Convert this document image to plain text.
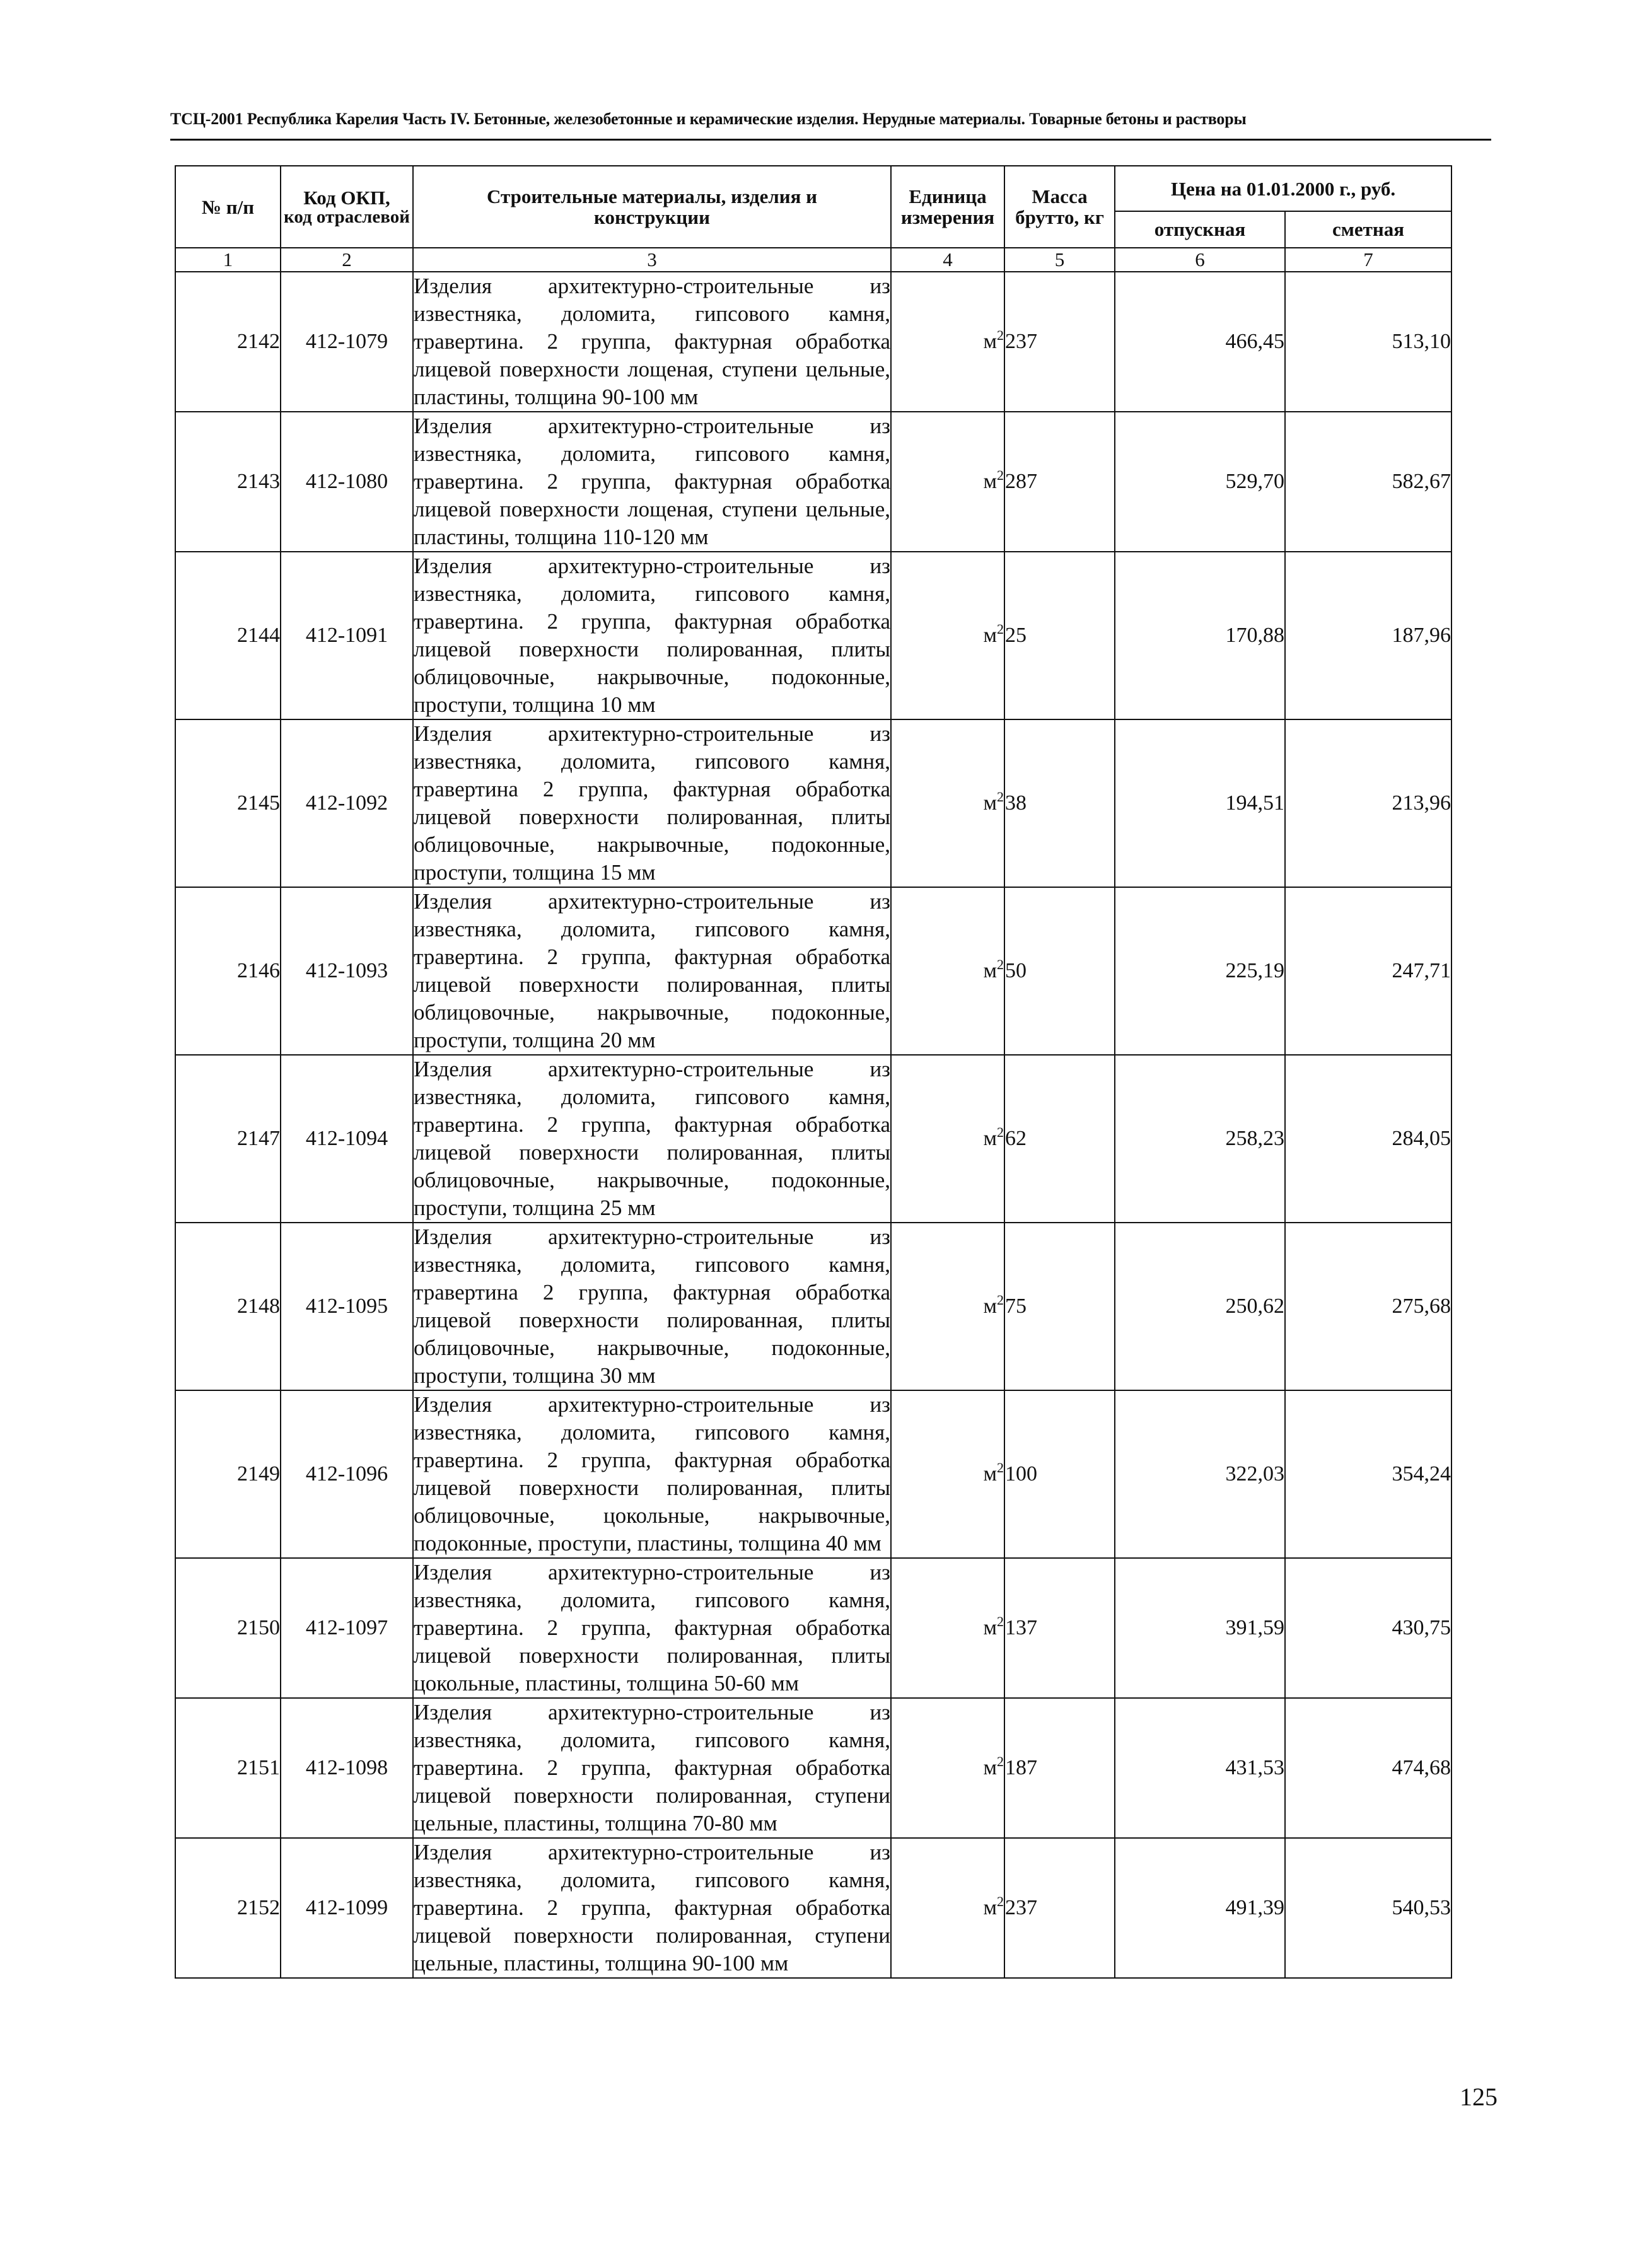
ТСЦ-2001 Республика Карелия Часть IV. Бетонные, железобетонные и керамические изделия. Нерудные материалы. Товарные бетоны и растворы
№ п/п	Код ОКП,
код отраслевой	Строительные материалы, изделия и конструкции	Единица измерения	Масса брутто, кг	Цена на 01.01.2000 г., руб.	
					отпускная	сметная
1	2	3	4	5	6	7
2142	412-1079	Изделия архитектурно-строительные из известняка, доломита, гипсового камня, травертина. 2 группа, фактурная обработка лицевой поверхности лощеная, ступени цельные, пластины, толщина 90-100 мм	$м^2$	237	466,45	513,10
2143	412-1080	Изделия архитектурно-строительные из известняка, доломита, гипсового камня, травертина. 2 группа, фактурная обработка лицевой поверхности лощеная, ступени цельные, пластины, толщина 110-120 мм	$м^2$	287	529,70	582,67
2144	412-1091	Изделия архитектурно-строительные из известняка, доломита, гипсового камня, травертина. 2 группа, фактурная обработка лицевой поверхности полированная, плиты облицовочные, накрывочные, подоконные, проступи, толщина 10 мм	$м^2$	25	170,88	187,96
2145	412-1092	Изделия архитектурно-строительные из известняка, доломита, гипсового камня, травертина 2 группа, фактурная обработка лицевой поверхности полированная, плиты облицовочные, накрывочные, подоконные, проступи, толщина 15 мм	$м^2$	38	194,51	213,96
2146	412-1093	Изделия архитектурно-строительные из известняка, доломита, гипсового камня, травертина. 2 группа, фактурная обработка лицевой поверхности полированная, плиты облицовочные, накрывочные, подоконные, проступи, толщина 20 мм	$м^2$	50	225,19	247,71
2147	412-1094	Изделия архитектурно-строительные из известняка, доломита, гипсового камня, травертина. 2 группа, фактурная обработка лицевой поверхности полированная, плиты облицовочные, накрывочные, подоконные, проступи, толщина 25 мм	$м^2$	62	258,23	284,05
2148	412-1095	Изделия архитектурно-строительные из известняка, доломита, гипсового камня, травертина 2 группа, фактурная обработка лицевой поверхности полированная, плиты облицовочные, накрывочные, подоконные, проступи, толщина 30 мм	$м^2$	75	250,62	275,68
2149	412-1096	Изделия архитектурно-строительные из известняка, доломита, гипсового камня, травертина. 2 группа, фактурная обработка лицевой поверхности полированная, плиты облицовочные, цокольные, накрывочные, подоконные, проступи, пластины, толщина 40 мм	$м^2$	100	322,03	354,24
2150	412-1097	Изделия архитектурно-строительные из известняка, доломита, гипсового камня, травертина. 2 группа, фактурная обработка лицевой поверхности полированная, плиты цокольные, пластины, толщина 50-60 мм	$м^2$	137	391,59	430,75
2151	412-1098	Изделия архитектурно-строительные из известняка, доломита, гипсового камня, травертина. 2 группа, фактурная обработка лицевой поверхности полированная, ступени цельные, пластины, толщина 70-80 мм	$м^2$	187	431,53	474,68
2152	412-1099	Изделия архитектурно-строительные из известняка, доломита, гипсового камня, травертина. 2 группа, фактурная обработка лицевой поверхности полированная, ступени цельные, пластины, толщина 90-100 мм	$м^2$	237	491,39	540,53
125
